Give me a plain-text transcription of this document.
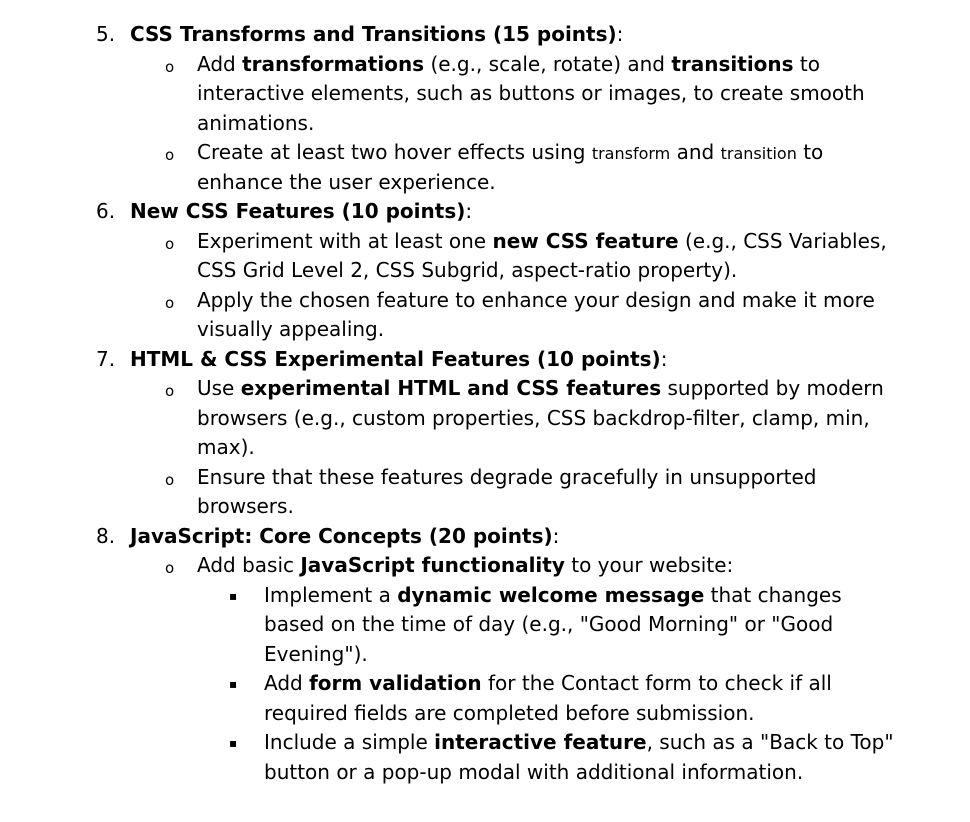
5. CSS Transforms and Transitions (15 points):
o Add transformations (e.g., scale, rotate) and transitions to
interactive elements, such as buttons or images, to create smooth
animations.
o Create at least two hover effects using transform and transition to
enhance the user experience.
6. New CSS Features (10 points):
o Experiment with at least one new CSS feature (e.g., CSS Variables,
CSS Grid Level 2, CSS Subgrid, aspect-ratio property).
o Apply the chosen feature to enhance your design and make it more
visually appealing.
7. HTML & CSS Experimental Features (10 points):
o Use experimental HTML and CSS features supported by modern
browsers (e.g., custom properties, CSS backdrop-filter, clamp, min,
max).
o Ensure that these features degrade gracefully in unsupported
browsers.
8. JavaScript: Core Concepts (20 points):
o Add basic JavaScript functionality to your website:
▪ Implement a dynamic welcome message that changes
based on the time of day (e.g., "Good Morning" or "Good
Evening").
▪ Add form validation for the Contact form to check if all
required fields are completed before submission.
▪ Include a simple interactive feature, such as a "Back to Top"
button or a pop-up modal with additional information.
